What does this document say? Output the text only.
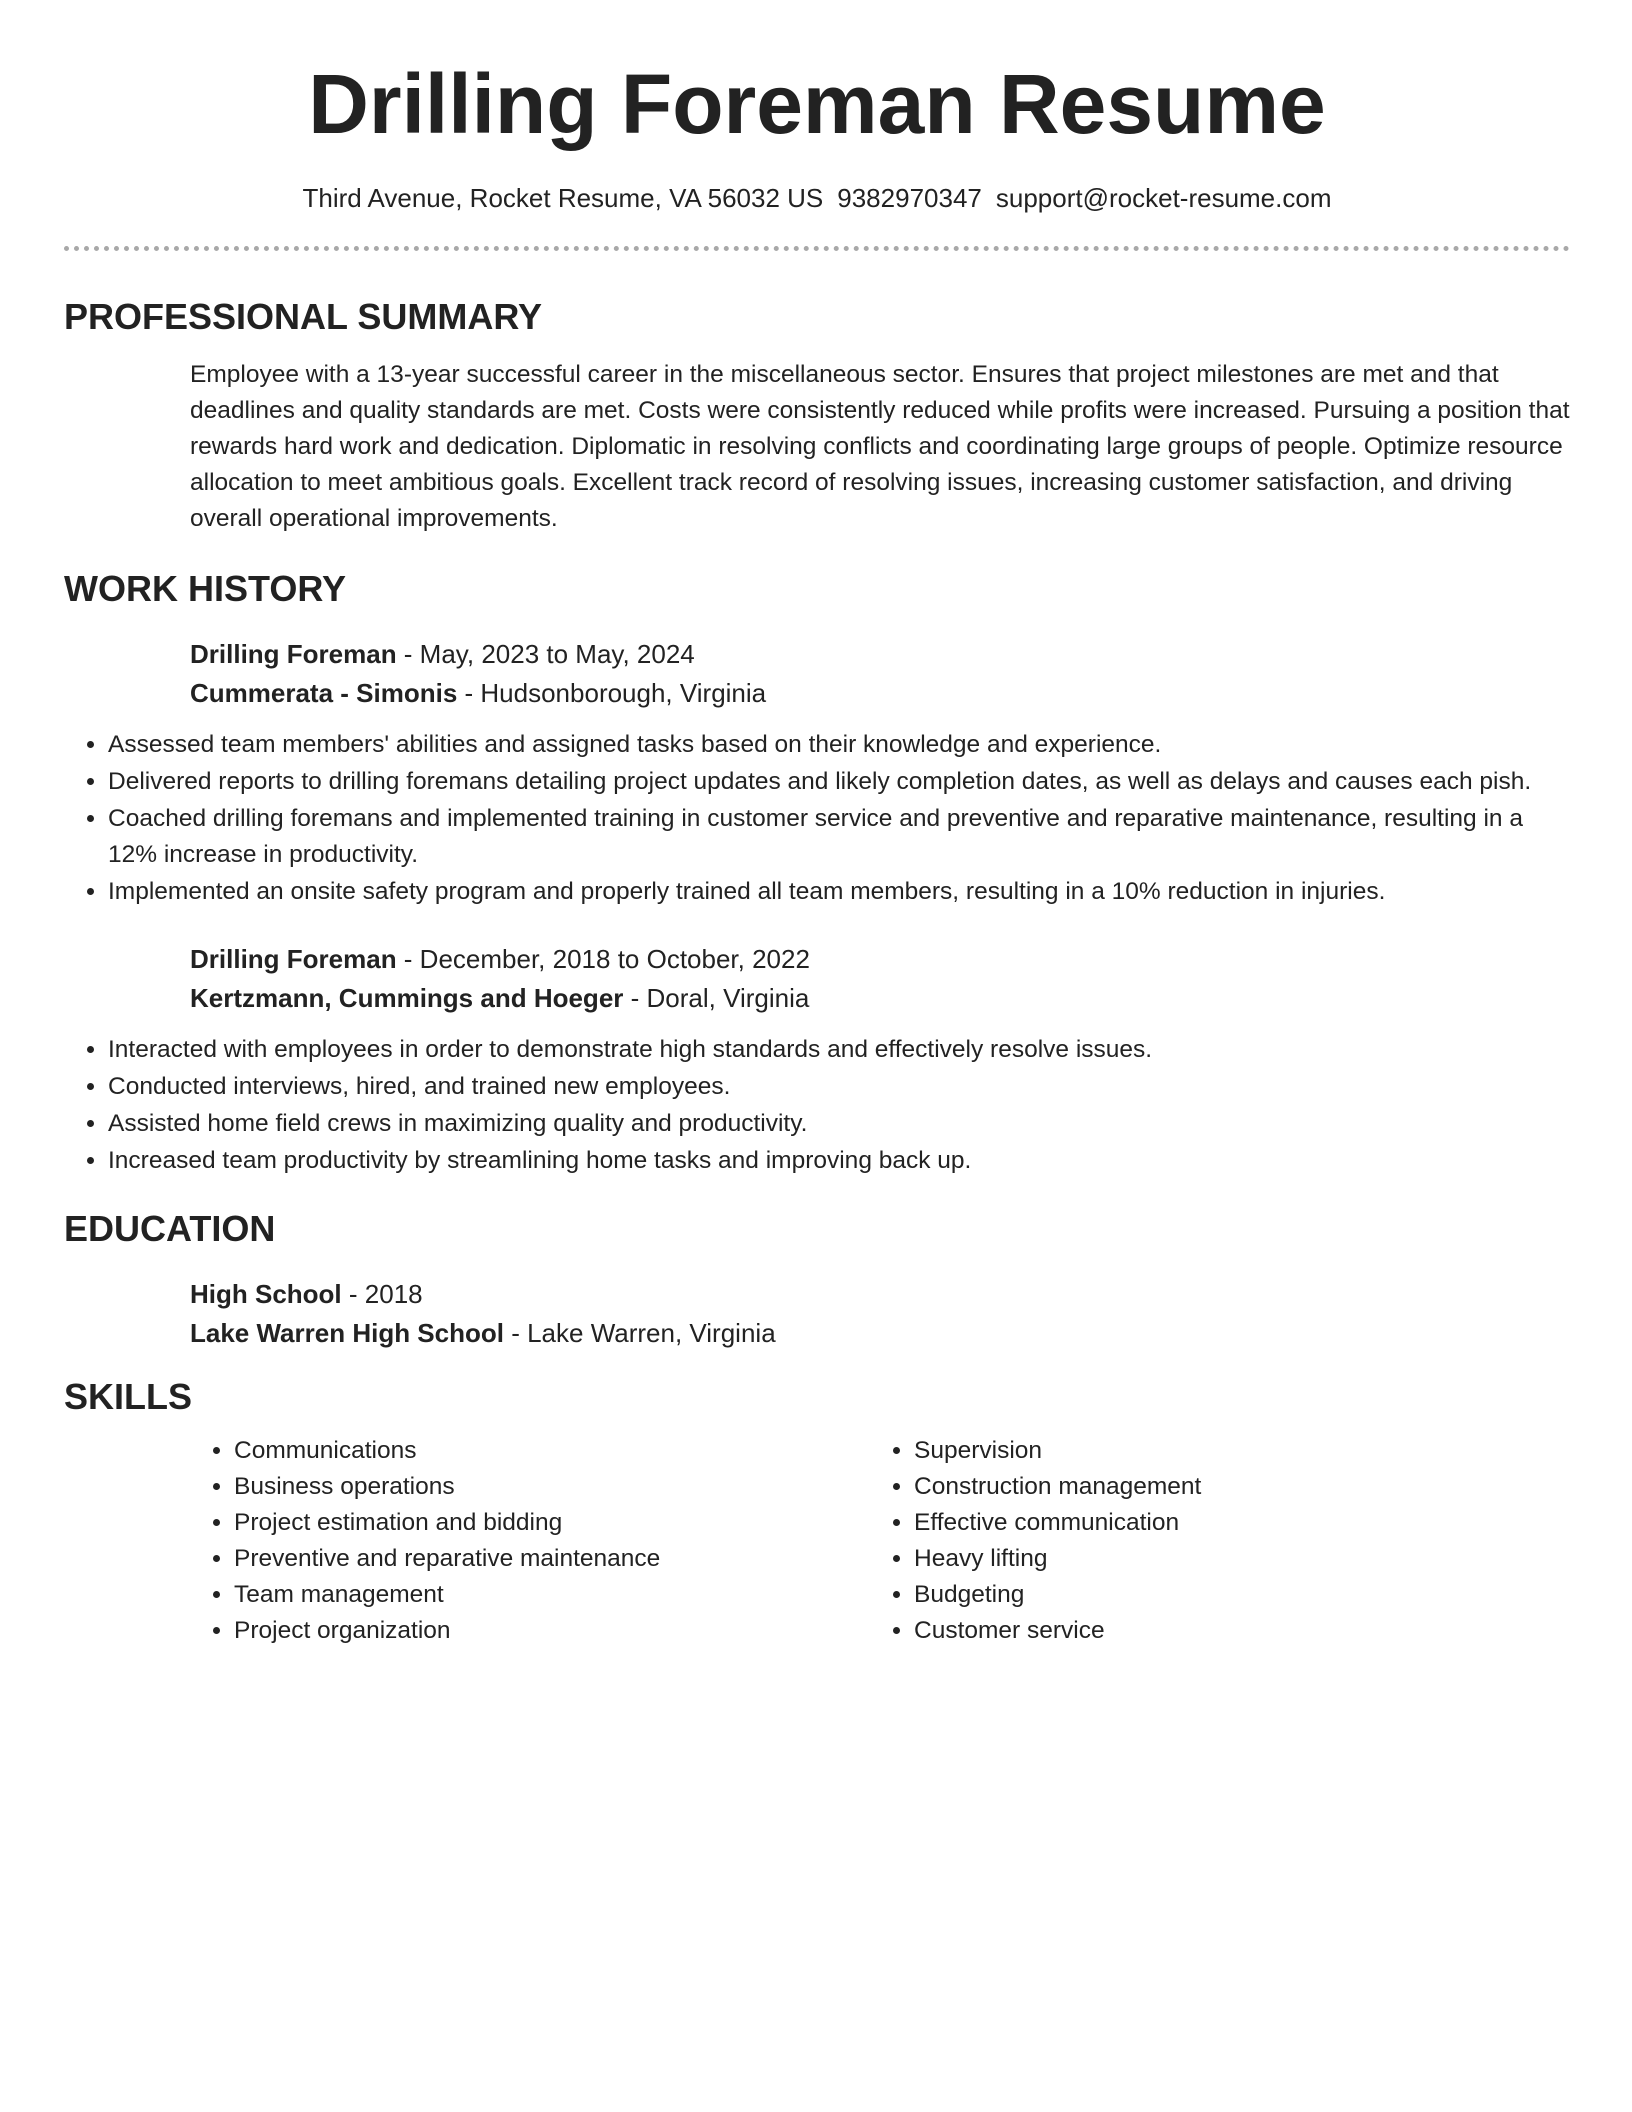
Drilling Foreman Resume
Third Avenue, Rocket Resume, VA 56032 US 9382970347 support@rocket-resume.com
PROFESSIONAL SUMMARY

Employee with a 13-year successful career in the miscellaneous sector. Ensures that project milestones are met and that deadlines and quality standards are met. Costs were consistently reduced while profits were increased. Pursuing a position that rewards hard work and dedication. Diplomatic in resolving conflicts and coordinating large groups of people. Optimize resource allocation to meet ambitious goals. Excellent track record of resolving issues, increasing customer satisfaction, and driving overall operational improvements.

WORK HISTORY
Drilling Foreman - May, 2023 to May, 2024
Cummerata - Simonis - Hudsonborough, Virginia
• Assessed team members' abilities and assigned tasks based on their knowledge and experience.
• Delivered reports to drilling foremans detailing project updates and likely completion dates, as well as delays and causes each pish.
• Coached drilling foremans and implemented training in customer service and preventive and reparative maintenance, resulting in a 12% increase in productivity.
• Implemented an onsite safety program and properly trained all team members, resulting in a 10% reduction in injuries.
Drilling Foreman - December, 2018 to October, 2022
Kertzmann, Cummings and Hoeger - Doral, Virginia
• Interacted with employees in order to demonstrate high standards and effectively resolve issues.
• Conducted interviews, hired, and trained new employees.
• Assisted home field crews in maximizing quality and productivity.
• Increased team productivity by streamlining home tasks and improving back up.
EDUCATION
High School - 2018
Lake Warren High School - Lake Warren, Virginia
SKILLS
• Communications
• Business operations
• Project estimation and bidding
• Preventive and reparative maintenance
• Team management
• Project organization
• Supervision
• Construction management
• Effective communication
• Heavy lifting
• Budgeting
• Customer service
